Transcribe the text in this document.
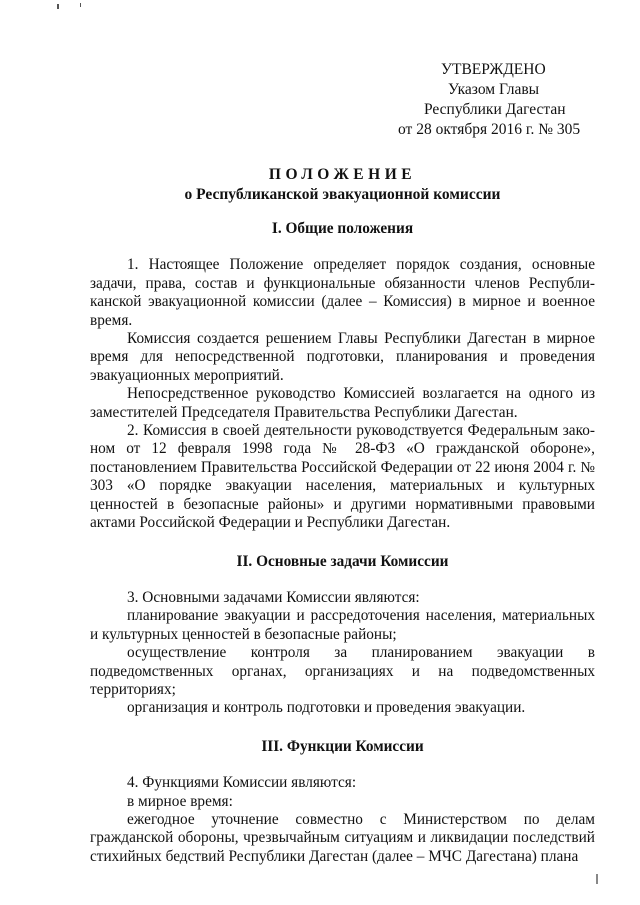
УТВЕРЖДЕНО
Указом Главы
Республики Дагестан
от 28 октября 2016 г. № 305
ПОЛОЖЕНИЕ
о Республиканской эвакуационной комиссии

I. Общие положения

1. Настоящее Положение определяет порядок создания, основные задачи, права, состав и функциональные обязанности членов Республиканской эвакуационной комиссии (далее – Комиссия) в мирное и военное время.

Комиссия создается решением Главы Республики Дагестан в мирное время для непосредственной подготовки, планирования и проведения эвакуационных мероприятий.

Непосредственное руководство Комиссией возлагается на одного из заместителей Председателя Правительства Республики Дагестан.

2. Комиссия в своей деятельности руководствуется Федеральным законом от 12 февраля 1998 года № 28-ФЗ «О гражданской обороне», постановлением Правительства Российской Федерации от 22 июня 2004 г. № 303 «О порядке эвакуации населения, материальных и культурных ценностей в безопасные районы» и другими нормативными правовыми актами Российской Федерации и Республики Дагестан.

II. Основные задачи Комиссии

3. Основными задачами Комиссии являются:

планирование эвакуации и рассредоточения населения, материальных и культурных ценностей в безопасные районы;

осуществление контроля за планированием эвакуации в подведомственных органах, организациях и на подведомственных территориях;

организация и контроль подготовки и проведения эвакуации.

III. Функции Комиссии

4. Функциями Комиссии являются:

в мирное время:

ежегодное уточнение совместно с Министерством по делам гражданской обороны, чрезвычайным ситуациям и ликвидации последствий стихийных бедствий Республики Дагестан (далее – МЧС Дагестана) плана
